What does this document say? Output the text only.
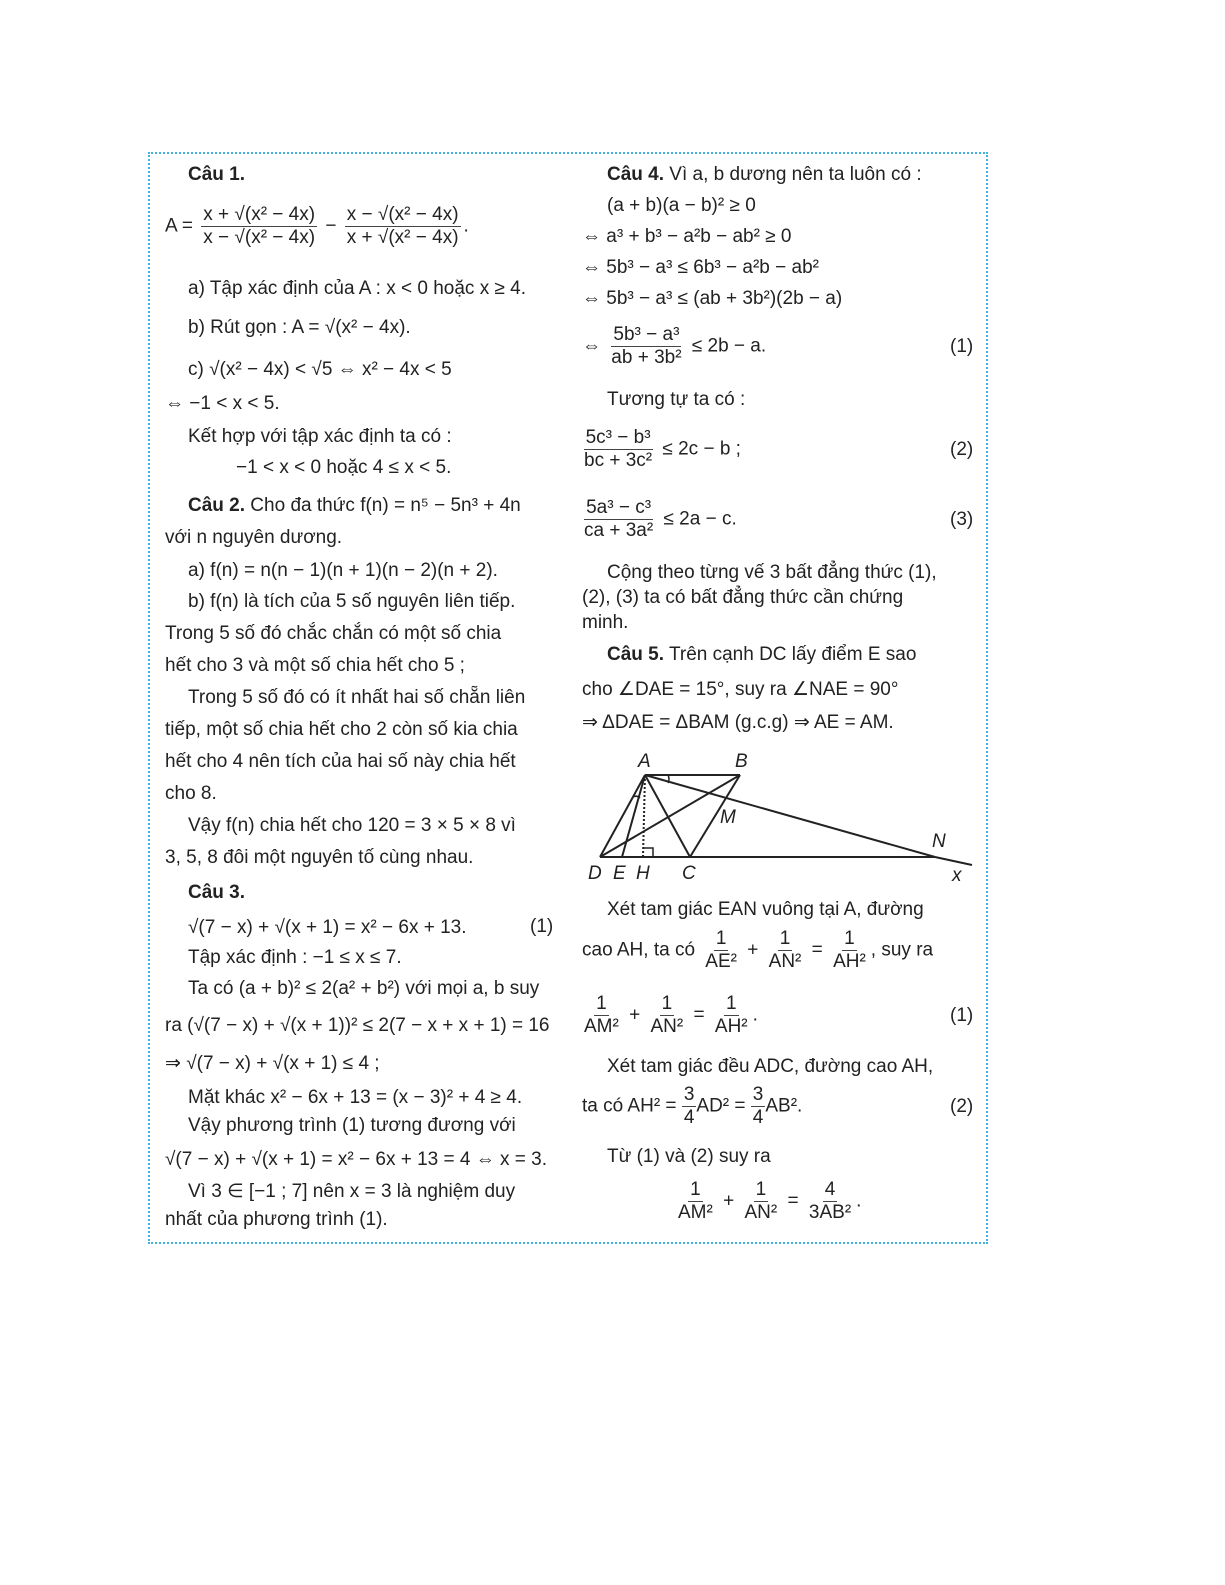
Câu 1.
$A = \frac{\text{x + √(x² − 4x)}}{\text{x − √(x² − 4x)}} - \frac{\text{x − √(x² − 4x)}}{\text{x + √(x² − 4x)}}$ .
a) Tập xác định của A : x < 0 hoặc x ≥ 4.
b) Rút gọn : A = √(x² − 4x).
c) √(x² − 4x) < √5 ⇔ x² − 4x < 5
⇔ −1 < x < 5.
Kết hợp với tập xác định ta có :
−1 < x < 0 hoặc 4 ≤ x < 5.
Câu 2. Cho đa thức f(n) = n⁵ − 5n³ + 4n
với n nguyên dương.
a) f(n) = n(n − 1)(n + 1)(n − 2)(n + 2).
b) f(n) là tích của 5 số nguyên liên tiếp.
Trong 5 số đó chắc chắn có một số chia
hết cho 3 và một số chia hết cho 5 ;
Trong 5 số đó có ít nhất hai số chẵn liên
tiếp, một số chia hết cho 2 còn số kia chia
hết cho 4 nên tích của hai số này chia hết
cho 8.
Vậy f(n) chia hết cho 120 = 3 × 5 × 8 vì
3, 5, 8 đôi một nguyên tố cùng nhau.
Câu 3.
√(7 − x) + √(x + 1) = x² − 6x + 13.	(1)
Tập xác định : −1 ≤ x ≤ 7.
Ta có (a + b)² ≤ 2(a² + b²) với mọi a, b suy
ra (√(7 − x) + √(x + 1))² ≤ 2(7 − x + x + 1) = 16
⇒ √(7 − x) + √(x + 1) ≤ 4 ;
Mặt khác x² − 6x + 13 = (x − 3)² + 4 ≥ 4.
Vậy phương trình (1) tương đương với
√(7 − x) + √(x + 1) = x² − 6x + 13 = 4 ⇔ x = 3.
Vì 3 ∈ [−1 ; 7] nên x = 3 là nghiệm duy
nhất của phương trình (1).
Câu 4. Vì a, b dương nên ta luôn có :
(a + b)(a − b)² ≥ 0
⇔ a³ + b³ − a²b − ab² ≥ 0
⇔ 5b³ − a³ ≤ 6b³ − a²b − ab²
⇔ 5b³ − a³ ≤ (ab + 3b²)(2b − a)
⇔ $\frac{\text{5b³ − a³}}{\text{ab + 3b²}} \le 2b - a$.	(1)
Tương tự ta có :
$\frac{\text{5c³ − b³}}{\text{bc + 3c²}} \le 2c - b$ ;	(2)
$\frac{\text{5a³ − c³}}{\text{ca + 3a²}} \le 2a - c$.	(3)
Cộng theo từng vế 3 bất đẳng thức (1),
(2), (3) ta có bất đẳng thức cần chứng
minh.
Câu 5. Trên cạnh DC lấy điểm E sao
cho ∠DAE = 15°, suy ra ∠NAE = 90°
⇒ ΔDAE = ΔBAM (g.c.g) ⇒ AE = AM.
A	B
M
N
D E H C	x
Xét tam giác EAN vuông tại A, đường
cao AH, ta có $\frac{1}{\text{AE²}} + \frac{1}{\text{AN²}} = \frac{1}{\text{AH²}}$ , suy ra
$\frac{1}{\text{AM²}} + \frac{1}{\text{AN²}} = \frac{1}{\text{AH²}}$ .	(1)
Xét tam giác đều ADC, đường cao AH,
ta có $AH^2 = \frac{3}{4} AD^2 = \frac{3}{4} AB^2$.	(2)
Từ (1) và (2) suy ra
$\frac{1}{\text{AM²}} + \frac{1}{\text{AN²}} = \frac{4}{\text{3AB²}}$ .
